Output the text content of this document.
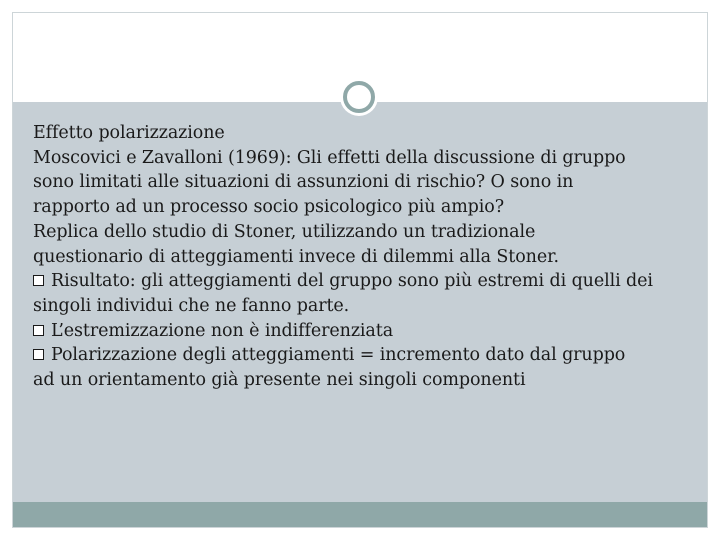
Effetto polarizzazione
Moscovici e Zavalloni (1969): Gli effetti della discussione di gruppo
sono limitati alle situazioni di assunzioni di rischio? O sono in
rapporto ad un processo socio psicologico più ampio?
Replica dello studio di Stoner, utilizzando un tradizionale
questionario di atteggiamenti invece di dilemmi alla Stoner.
Risultato: gli atteggiamenti del gruppo sono più estremi di quelli dei
singoli individui che ne fanno parte.
L’estremizzazione non è indifferenziata
Polarizzazione degli atteggiamenti = incremento dato dal gruppo
ad un orientamento già presente nei singoli componenti
